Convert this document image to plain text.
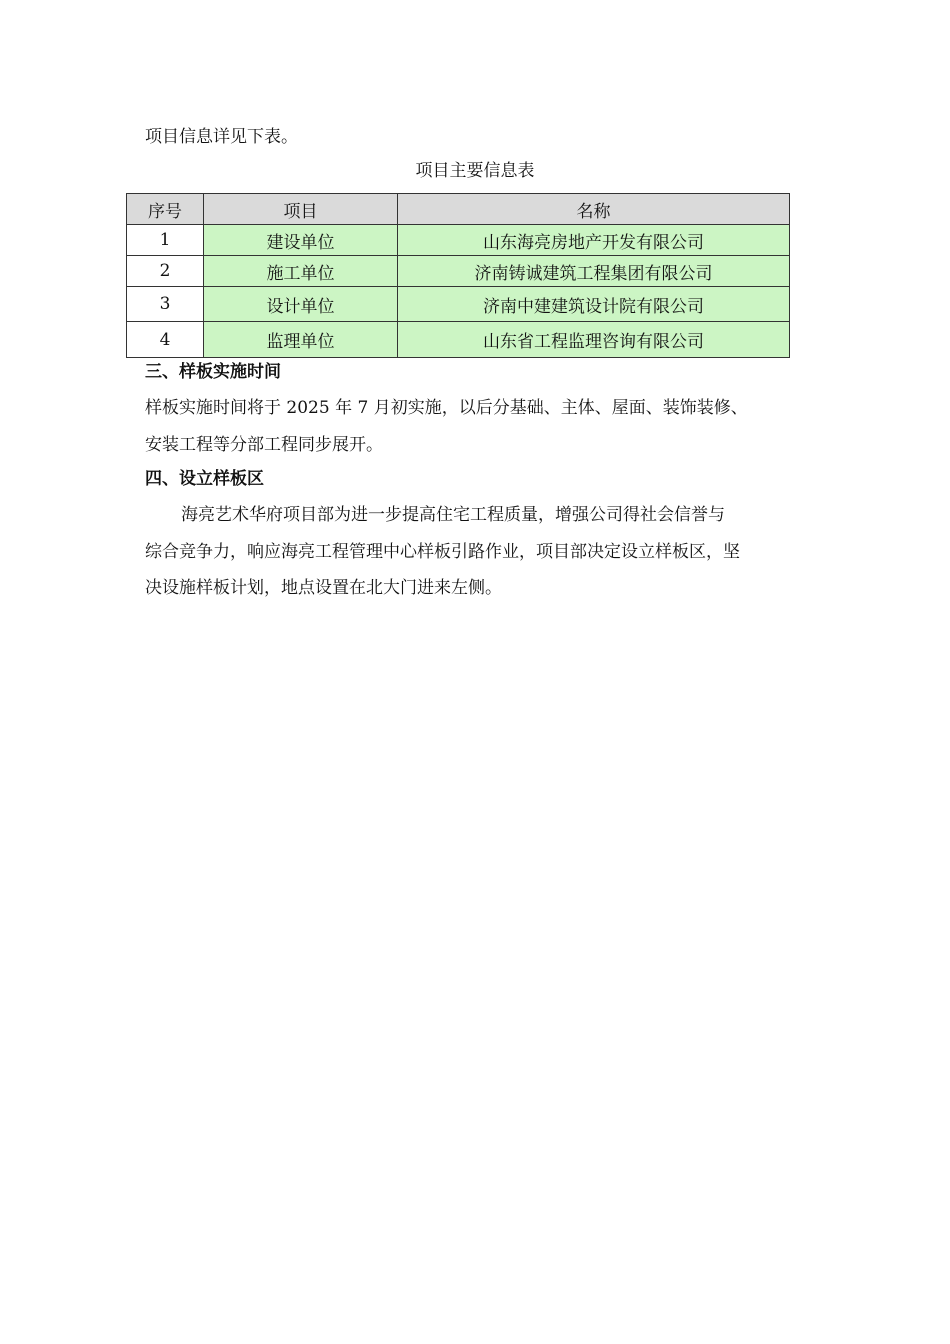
项目信息详见下表。
项目主要信息表
序号	项目	名称
1	建设单位	山东海亮房地产开发有限公司
2	施工单位	济南铸诚建筑工程集团有限公司
3	设计单位	济南中建建筑设计院有限公司
4	监理单位	山东省工程监理咨询有限公司
三、样板实施时间
样板实施时间将于 2025 年 7 月初实施，以后分基础、主体、屋面、装饰装修、
安装工程等分部工程同步展开。
四、设立样板区
海亮艺术华府项目部为进一步提高住宅工程质量，增强公司得社会信誉与
综合竞争力，响应海亮工程管理中心样板引路作业，项目部决定设立样板区，坚
决设施样板计划，地点设置在北大门进来左侧。
